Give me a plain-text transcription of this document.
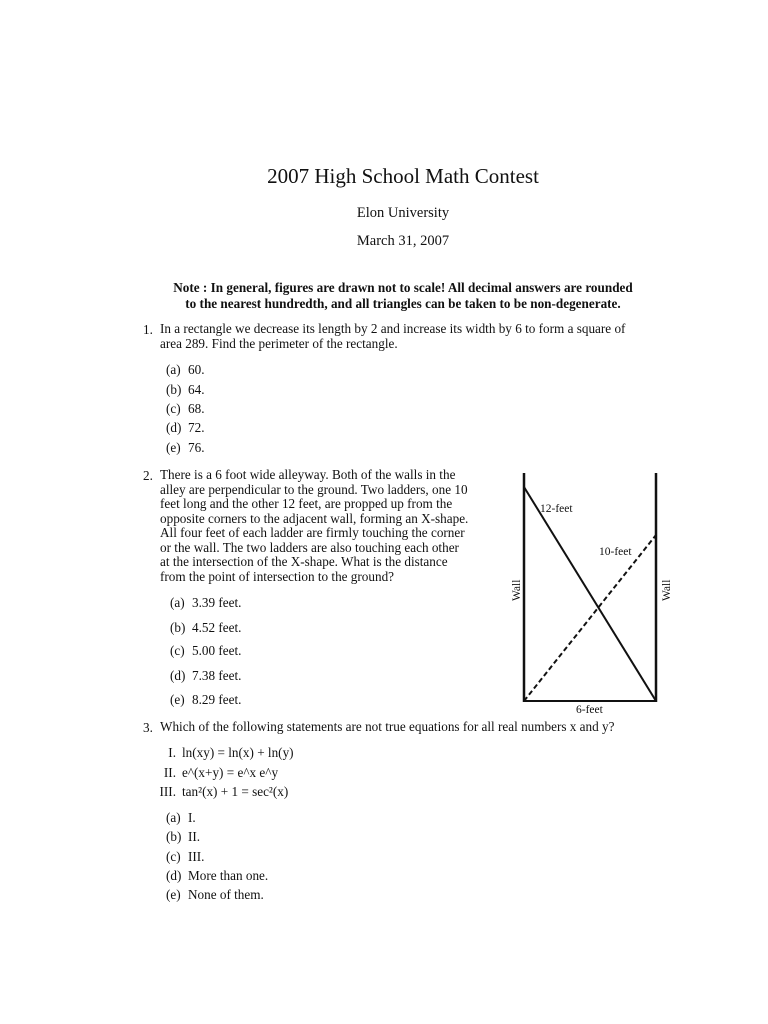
2007 High School Math Contest
Elon University
March 31, 2007
Note : In general, figures are drawn not to scale! All decimal answers are rounded
to the nearest hundredth, and all triangles can be taken to be non-degenerate.
1. In a rectangle we decrease its length by 2 and increase its width by 6 to form a square of
area 289. Find the perimeter of the rectangle.
(a) 60.
(b) 64.
(c) 68.
(d) 72.
(e) 76.
2. There is a 6 foot wide alleyway. Both of the walls in the
alley are perpendicular to the ground. Two ladders, one 10
feet long and the other 12 feet, are propped up from the
opposite corners to the adjacent wall, forming an X-shape.
All four feet of each ladder are firmly touching the corner
or the wall. The two ladders are also touching each other
at the intersection of the X-shape. What is the distance
from the point of intersection to the ground?
(a) 3.39 feet.
(b) 4.52 feet.
(c) 5.00 feet.
(d) 7.38 feet.
(e) 8.29 feet.
12-feet
10-feet
6-feet
Wall	Wall
3. Which of the following statements are not true equations for all real numbers x and y?
I. ln(xy) = ln(x) + ln(y)
II. e^(x+y) = e^x e^y
III. tan²(x) + 1 = sec²(x)
(a) I.
(b) II.
(c) III.
(d) More than one.
(e) None of them.
